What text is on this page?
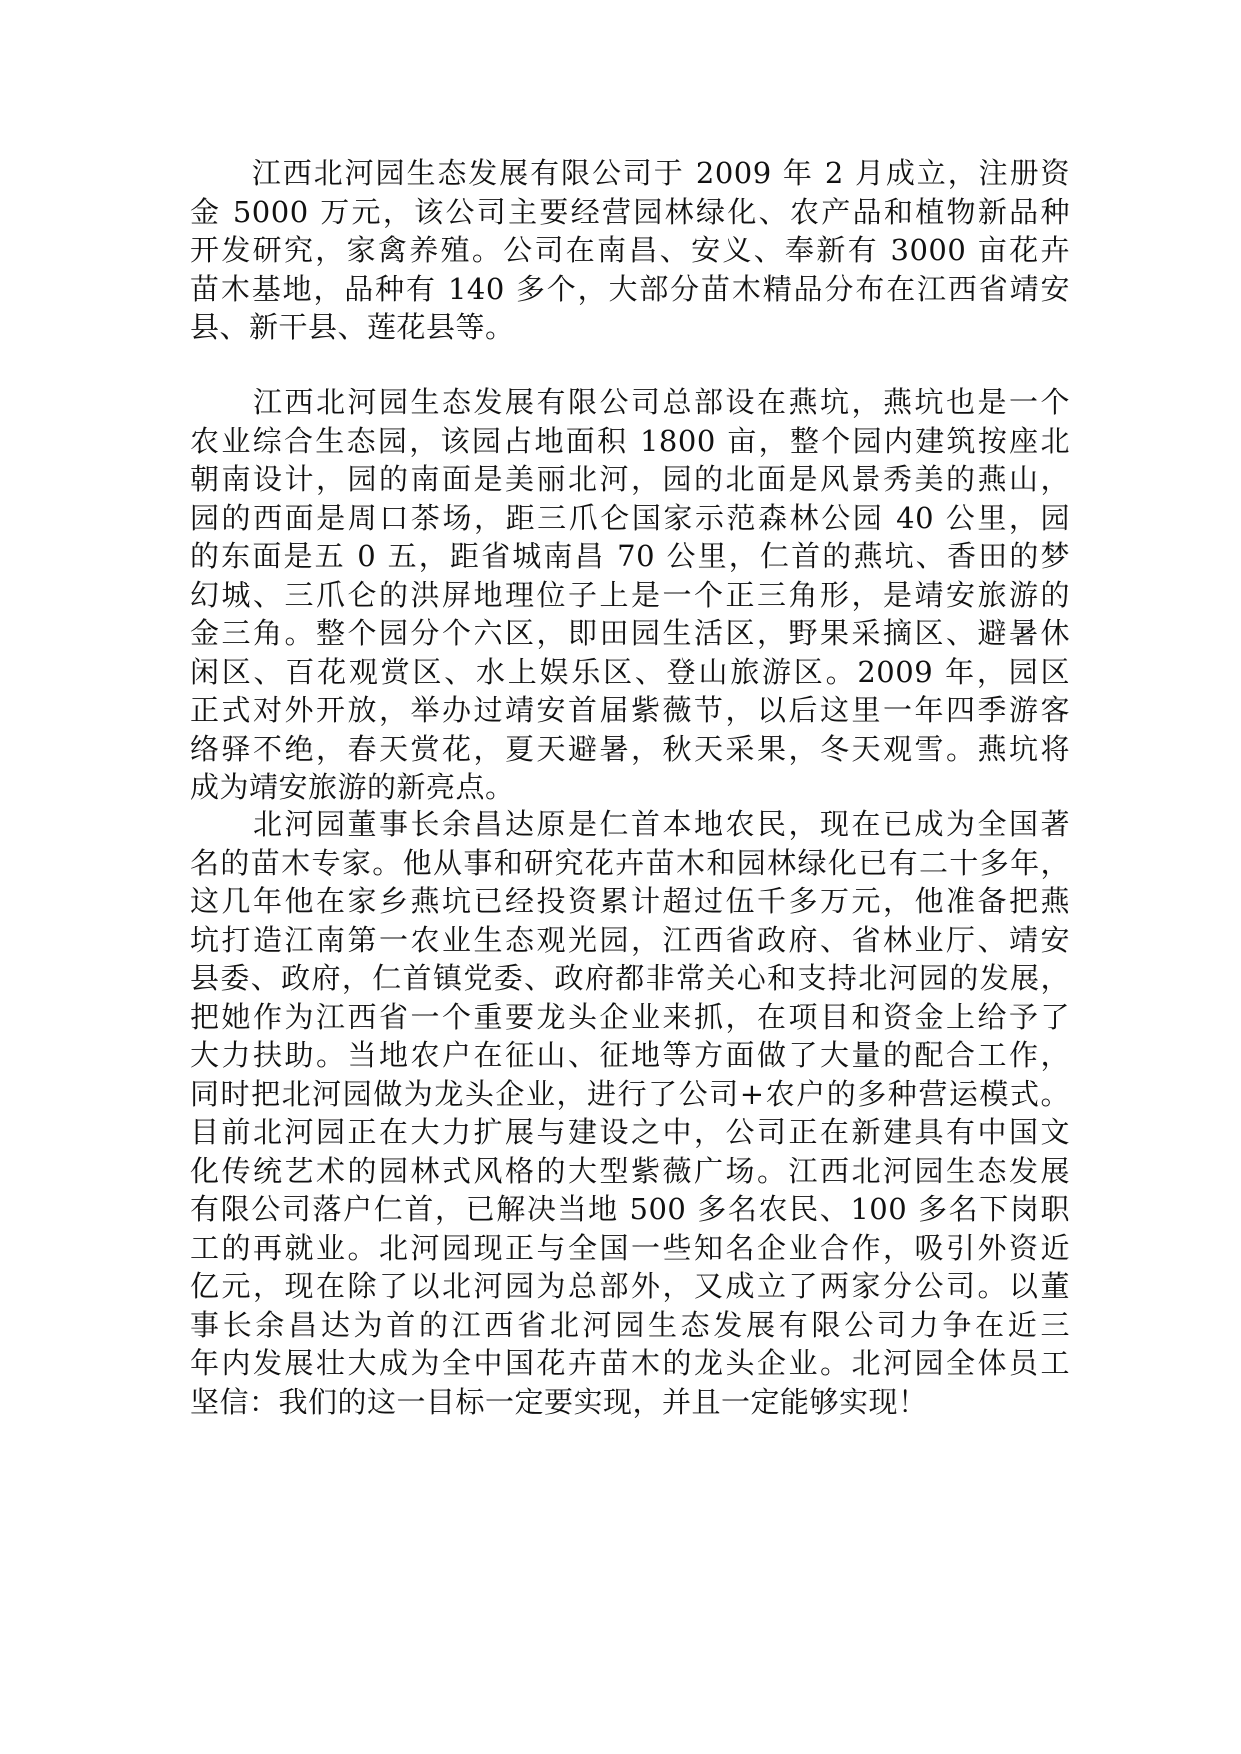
　　江西北河园生态发展有限公司于 2009 年 2 月成立，注册资
金 5000 万元，该公司主要经营园林绿化、农产品和植物新品种
开发研究，家禽养殖。公司在南昌、安义、奉新有 3000 亩花卉
苗木基地，品种有 140 多个，大部分苗木精品分布在江西省靖安
县、新干县、莲花县等。
　　江西北河园生态发展有限公司总部设在燕坑，燕坑也是一个
农业综合生态园，该园占地面积 1800 亩，整个园内建筑按座北
朝南设计，园的南面是美丽北河，园的北面是风景秀美的燕山，
园的西面是周口茶场，距三爪仑国家示范森林公园 40 公里，园
的东面是五 0 五，距省城南昌 70 公里，仁首的燕坑、香田的梦
幻城、三爪仑的洪屏地理位子上是一个正三角形，是靖安旅游的
金三角。整个园分个六区，即田园生活区，野果采摘区、避暑休
闲区、百花观赏区、水上娱乐区、登山旅游区。2009 年，园区
正式对外开放，举办过靖安首届紫薇节，以后这里一年四季游客
络驿不绝，春天赏花，夏天避暑，秋天采果，冬天观雪。燕坑将
成为靖安旅游的新亮点。
　　北河园董事长余昌达原是仁首本地农民，现在已成为全国著
名的苗木专家。他从事和研究花卉苗木和园林绿化已有二十多年，
这几年他在家乡燕坑已经投资累计超过伍千多万元，他准备把燕
坑打造江南第一农业生态观光园，江西省政府、省林业厅、靖安
县委、政府，仁首镇党委、政府都非常关心和支持北河园的发展，
把她作为江西省一个重要龙头企业来抓，在项目和资金上给予了
大力扶助。当地农户在征山、征地等方面做了大量的配合工作，
同时把北河园做为龙头企业，进行了公司+农户的多种营运模式。
目前北河园正在大力扩展与建设之中，公司正在新建具有中国文
化传统艺术的园林式风格的大型紫薇广场。江西北河园生态发展
有限公司落户仁首，已解决当地 500 多名农民、100 多名下岗职
工的再就业。北河园现正与全国一些知名企业合作，吸引外资近
亿元，现在除了以北河园为总部外，又成立了两家分公司。以董
事长余昌达为首的江西省北河园生态发展有限公司力争在近三
年内发展壮大成为全中国花卉苗木的龙头企业。北河园全体员工
坚信：我们的这一目标一定要实现，并且一定能够实现！
